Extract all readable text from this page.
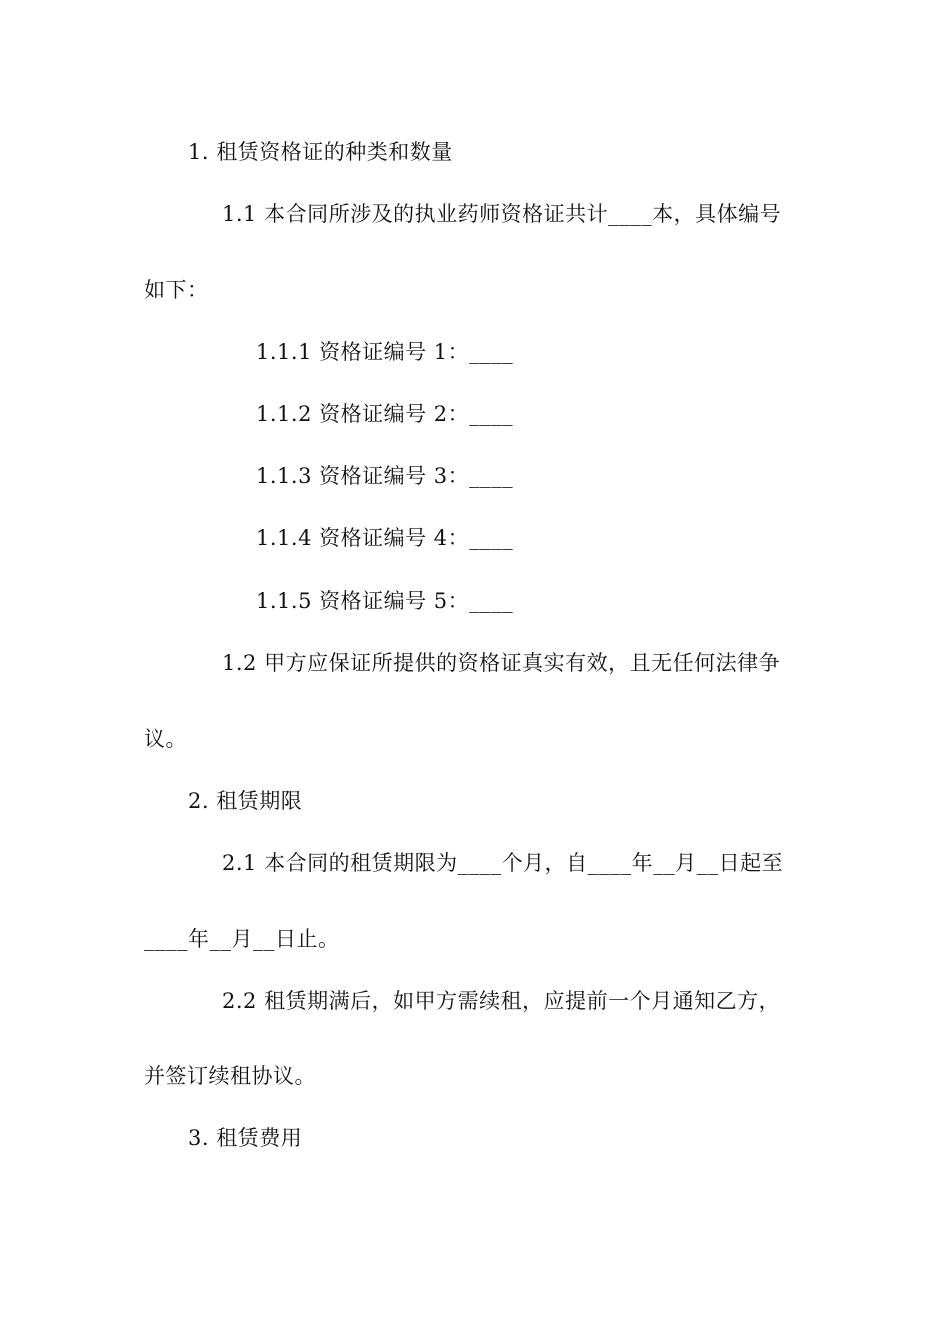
1. 租赁资格证的种类和数量
1.1 本合同所涉及的执业药师资格证共计____本，具体编号
如下：
1.1.1 资格证编号 1：____
1.1.2 资格证编号 2：____
1.1.3 资格证编号 3：____
1.1.4 资格证编号 4：____
1.1.5 资格证编号 5：____
1.2 甲方应保证所提供的资格证真实有效，且无任何法律争
议。
2. 租赁期限
2.1 本合同的租赁期限为____个月，自____年__月__日起至
____年__月__日止。
2.2 租赁期满后，如甲方需续租，应提前一个月通知乙方，
并签订续租协议。
3. 租赁费用
